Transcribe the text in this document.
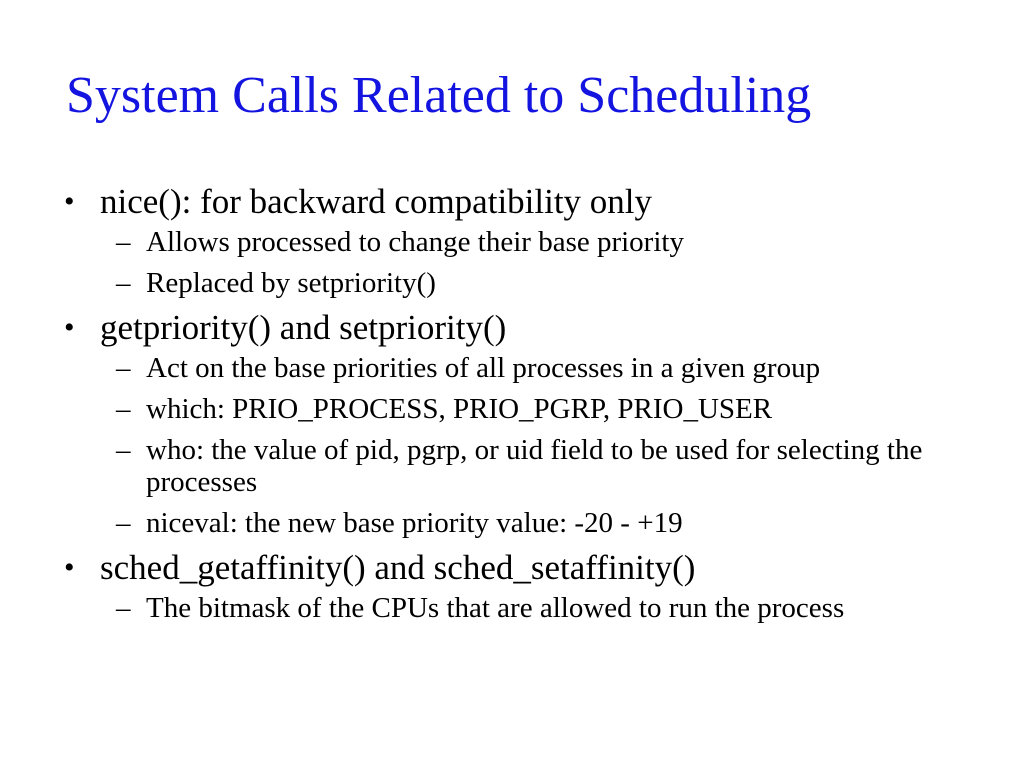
System Calls Related to Scheduling
• nice(): for backward compatibility only
– Allows processed to change their base priority
– Replaced by setpriority()
• getpriority() and setpriority()
– Act on the base priorities of all processes in a given group
– which: PRIO_PROCESS, PRIO_PGRP, PRIO_USER
– who: the value of pid, pgrp, or uid field to be used for selecting the processes
– niceval: the new base priority value: -20 - +19
• sched_getaffinity() and sched_setaffinity()
– The bitmask of the CPUs that are allowed to run the process
